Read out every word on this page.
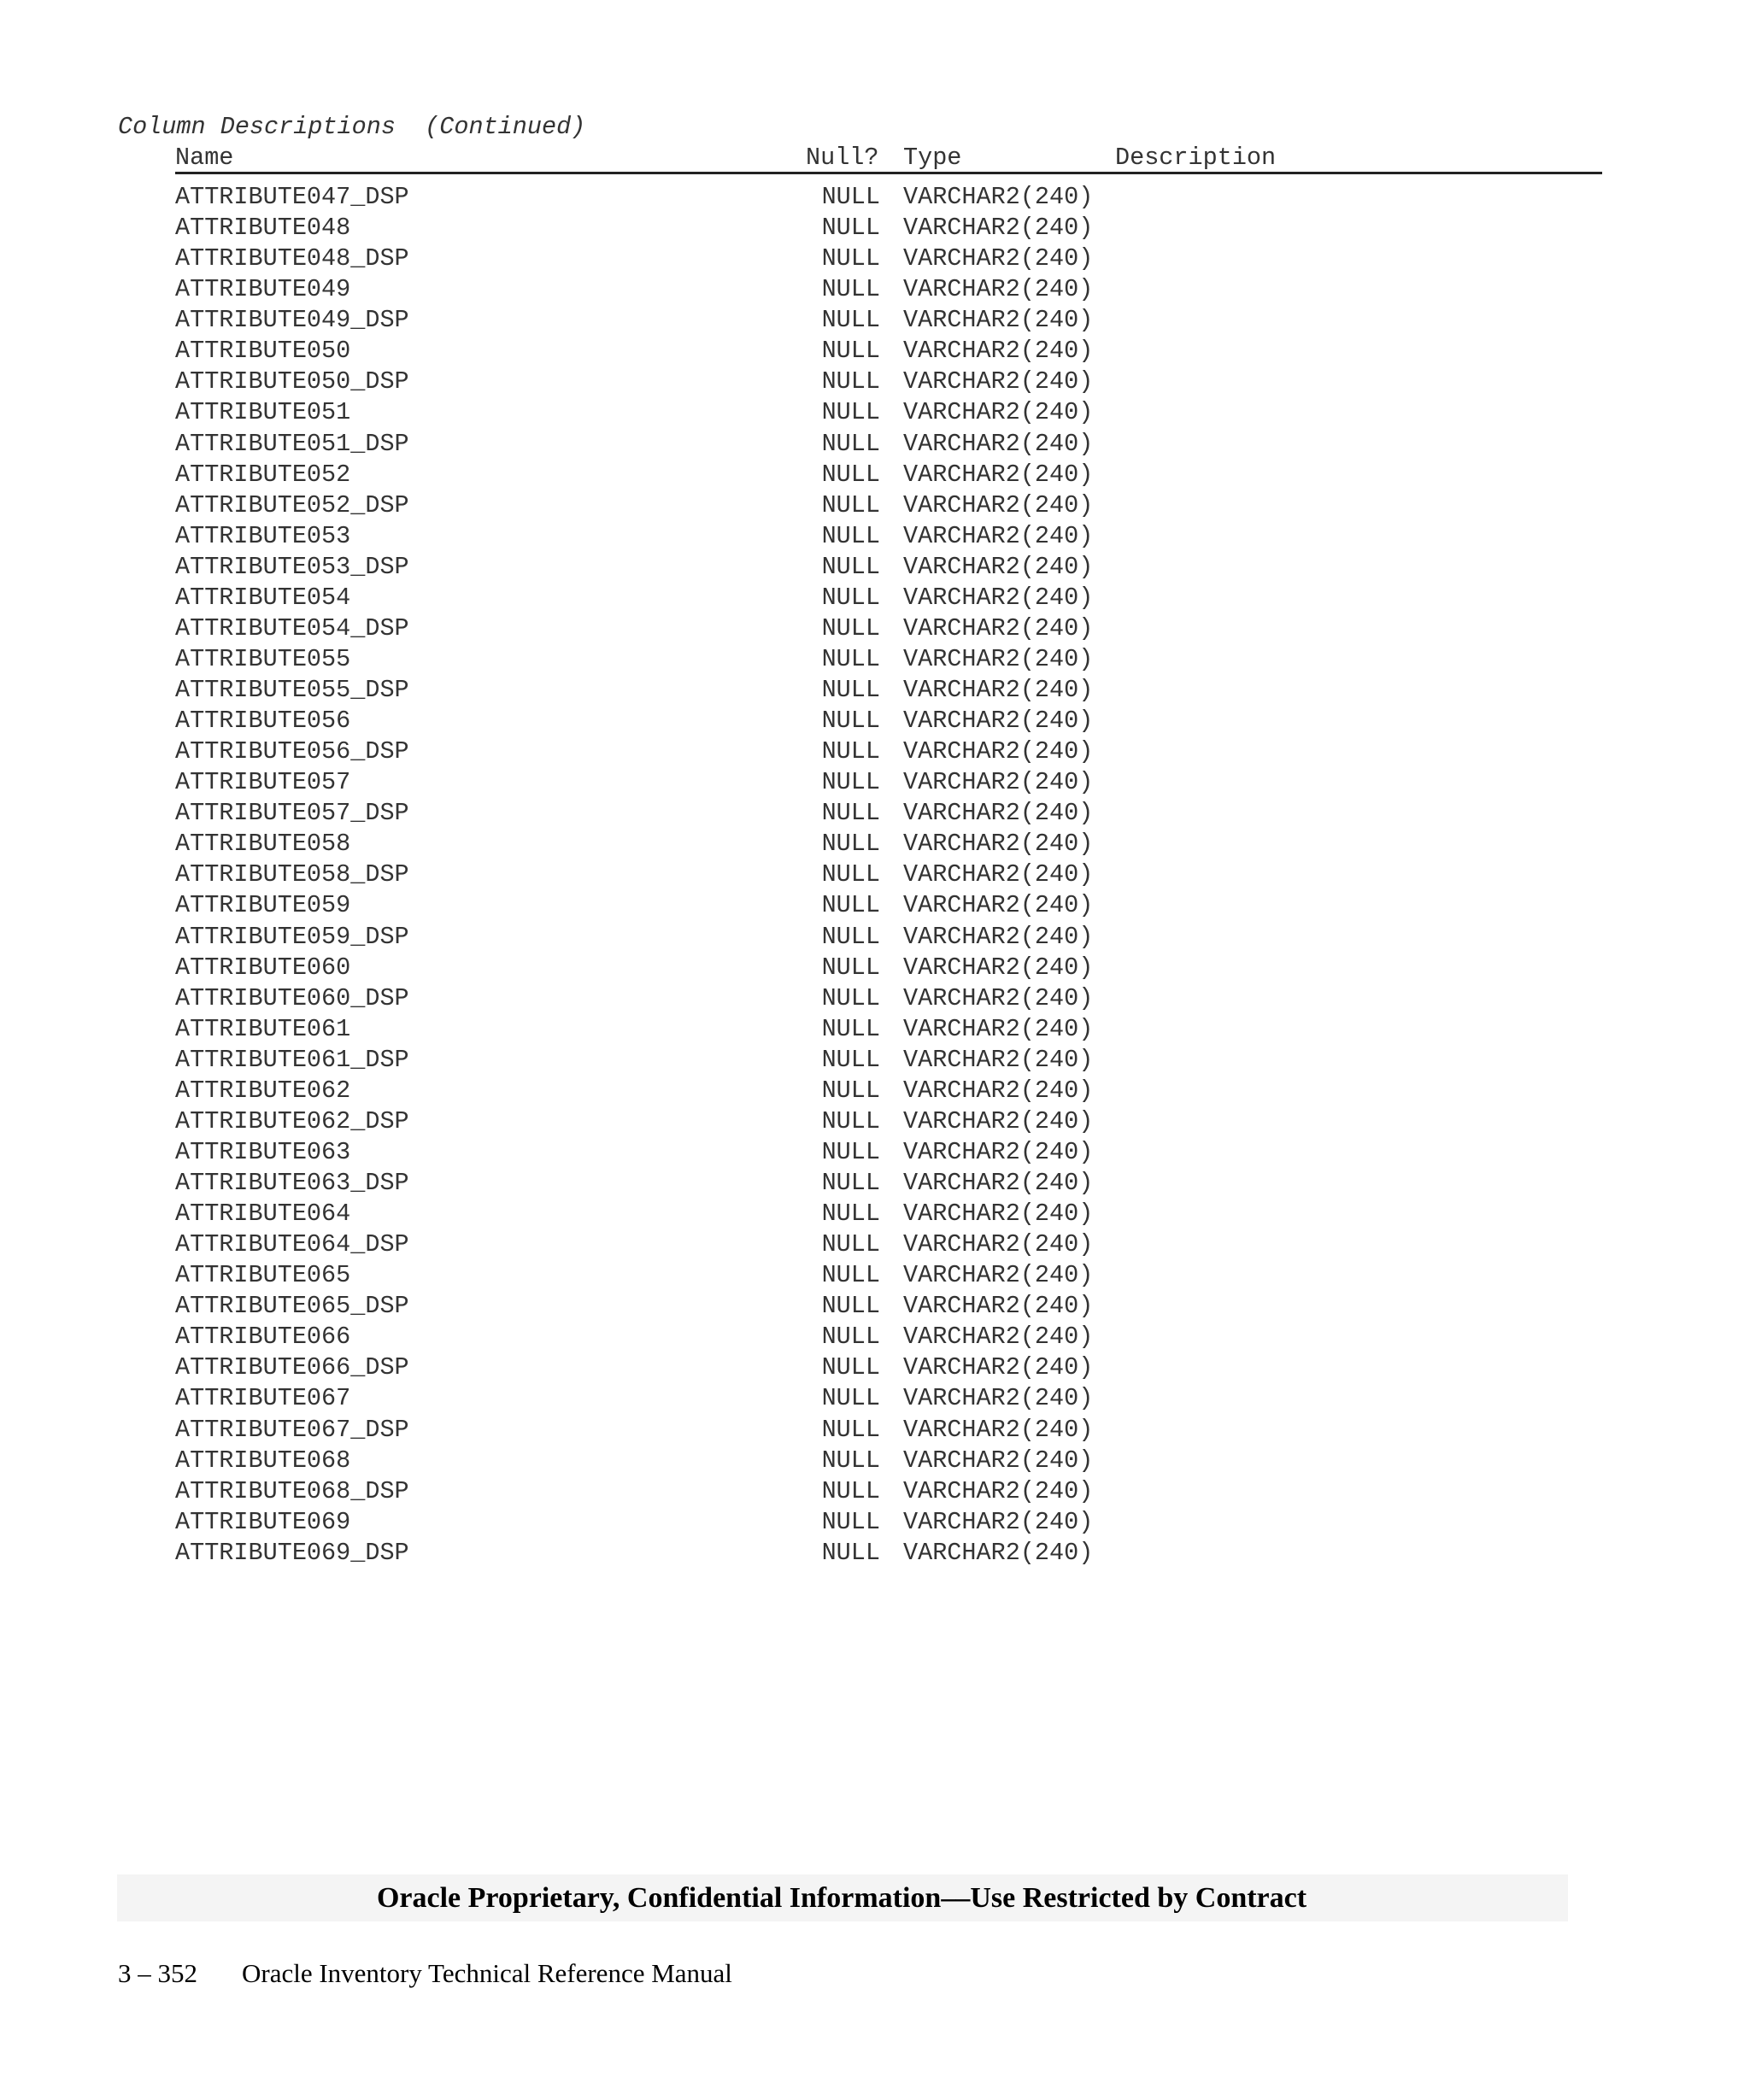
Column Descriptions  (Continued)
Name	Null? Type	Description
ATTRIBUTE047_DSP	NULL VARCHAR2(240)
ATTRIBUTE048	NULL VARCHAR2(240)
ATTRIBUTE048_DSP	NULL VARCHAR2(240)
ATTRIBUTE049	NULL VARCHAR2(240)
ATTRIBUTE049_DSP	NULL VARCHAR2(240)
ATTRIBUTE050	NULL VARCHAR2(240)
ATTRIBUTE050_DSP	NULL VARCHAR2(240)
ATTRIBUTE051	NULL VARCHAR2(240)
ATTRIBUTE051_DSP	NULL VARCHAR2(240)
ATTRIBUTE052	NULL VARCHAR2(240)
ATTRIBUTE052_DSP	NULL VARCHAR2(240)
ATTRIBUTE053	NULL VARCHAR2(240)
ATTRIBUTE053_DSP	NULL VARCHAR2(240)
ATTRIBUTE054	NULL VARCHAR2(240)
ATTRIBUTE054_DSP	NULL VARCHAR2(240)
ATTRIBUTE055	NULL VARCHAR2(240)
ATTRIBUTE055_DSP	NULL VARCHAR2(240)
ATTRIBUTE056	NULL VARCHAR2(240)
ATTRIBUTE056_DSP	NULL VARCHAR2(240)
ATTRIBUTE057	NULL VARCHAR2(240)
ATTRIBUTE057_DSP	NULL VARCHAR2(240)
ATTRIBUTE058	NULL VARCHAR2(240)
ATTRIBUTE058_DSP	NULL VARCHAR2(240)
ATTRIBUTE059	NULL VARCHAR2(240)
ATTRIBUTE059_DSP	NULL VARCHAR2(240)
ATTRIBUTE060	NULL VARCHAR2(240)
ATTRIBUTE060_DSP	NULL VARCHAR2(240)
ATTRIBUTE061	NULL VARCHAR2(240)
ATTRIBUTE061_DSP	NULL VARCHAR2(240)
ATTRIBUTE062	NULL VARCHAR2(240)
ATTRIBUTE062_DSP	NULL VARCHAR2(240)
ATTRIBUTE063	NULL VARCHAR2(240)
ATTRIBUTE063_DSP	NULL VARCHAR2(240)
ATTRIBUTE064	NULL VARCHAR2(240)
ATTRIBUTE064_DSP	NULL VARCHAR2(240)
ATTRIBUTE065	NULL VARCHAR2(240)
ATTRIBUTE065_DSP	NULL VARCHAR2(240)
ATTRIBUTE066	NULL VARCHAR2(240)
ATTRIBUTE066_DSP	NULL VARCHAR2(240)
ATTRIBUTE067	NULL VARCHAR2(240)
ATTRIBUTE067_DSP	NULL VARCHAR2(240)
ATTRIBUTE068	NULL VARCHAR2(240)
ATTRIBUTE068_DSP	NULL VARCHAR2(240)
ATTRIBUTE069	NULL VARCHAR2(240)
ATTRIBUTE069_DSP	NULL VARCHAR2(240)
Oracle Proprietary, Confidential Information––Use Restricted by Contract
3 – 352 Oracle Inventory Technical Reference Manual
